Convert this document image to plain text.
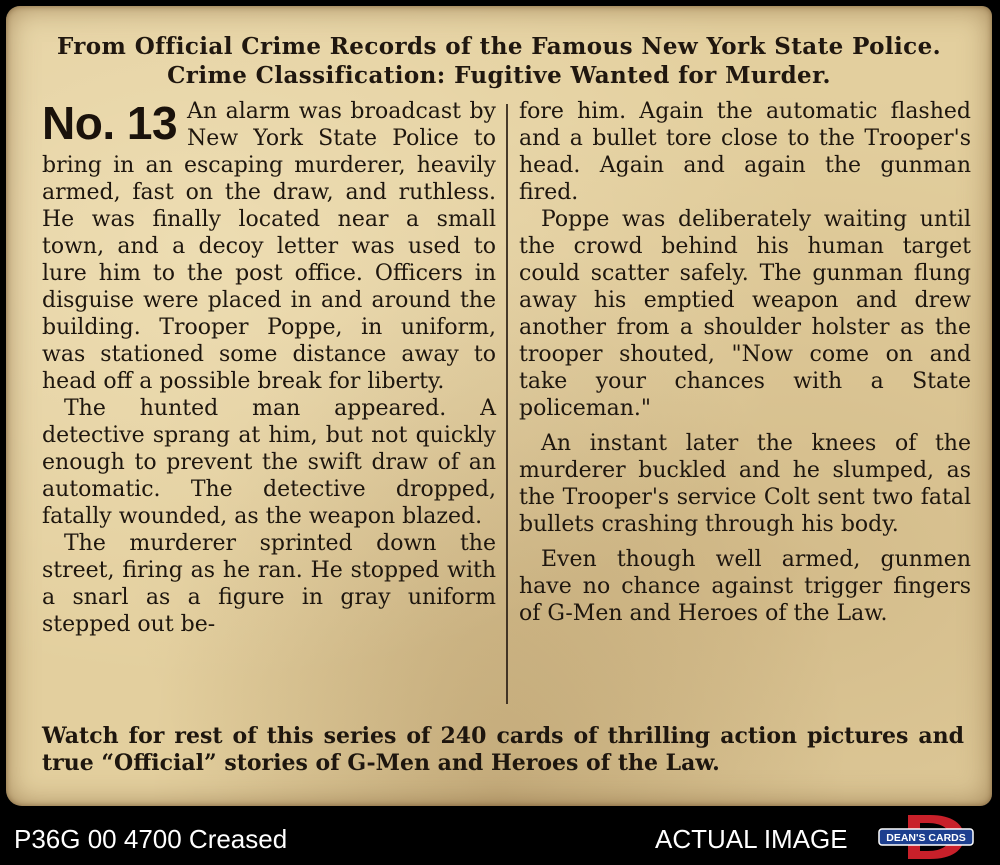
From Official Crime Records of the Famous New York State Police.
Crime Classification: Fugitive Wanted for Murder.
No. 13 An alarm was broadcast by New York State Police to bring in an escaping murderer, heavily armed, fast on the draw, and ruthless. He was finally located near a small town, and a decoy letter was used to lure him to the post office. Officers in disguise were placed in and around the building. Trooper Poppe, in uniform, was stationed some distance away to head off a possible break for liberty.

The hunted man appeared. A detective sprang at him, but not quickly enough to prevent the swift draw of an automatic. The detective dropped, fatally wounded, as the weapon blazed.

The murderer sprinted down the street, firing as he ran. He stopped with a snarl as a figure in gray uniform stepped out be-

fore him. Again the automatic flashed and a bullet tore close to the Trooper's head. Again and again the gunman fired.

Poppe was deliberately waiting until the crowd behind his human target could scatter safely. The gunman flung away his emptied weapon and drew another from a shoulder holster as the trooper shouted, "Now come on and take your chances with a State policeman."

An instant later the knees of the murderer buckled and he slumped, as the Trooper's service Colt sent two fatal bullets crashing through his body.

Even though well armed, gunmen have no chance against trigger fingers of G-Men and Heroes of the Law.

Watch for rest of this series of 240 cards of thrilling action pictures and true “Official” stories of G-Men and Heroes of the Law.
P36G 00 4700 Creased	ACTUAL IMAGE	DEAN'S CARDS
